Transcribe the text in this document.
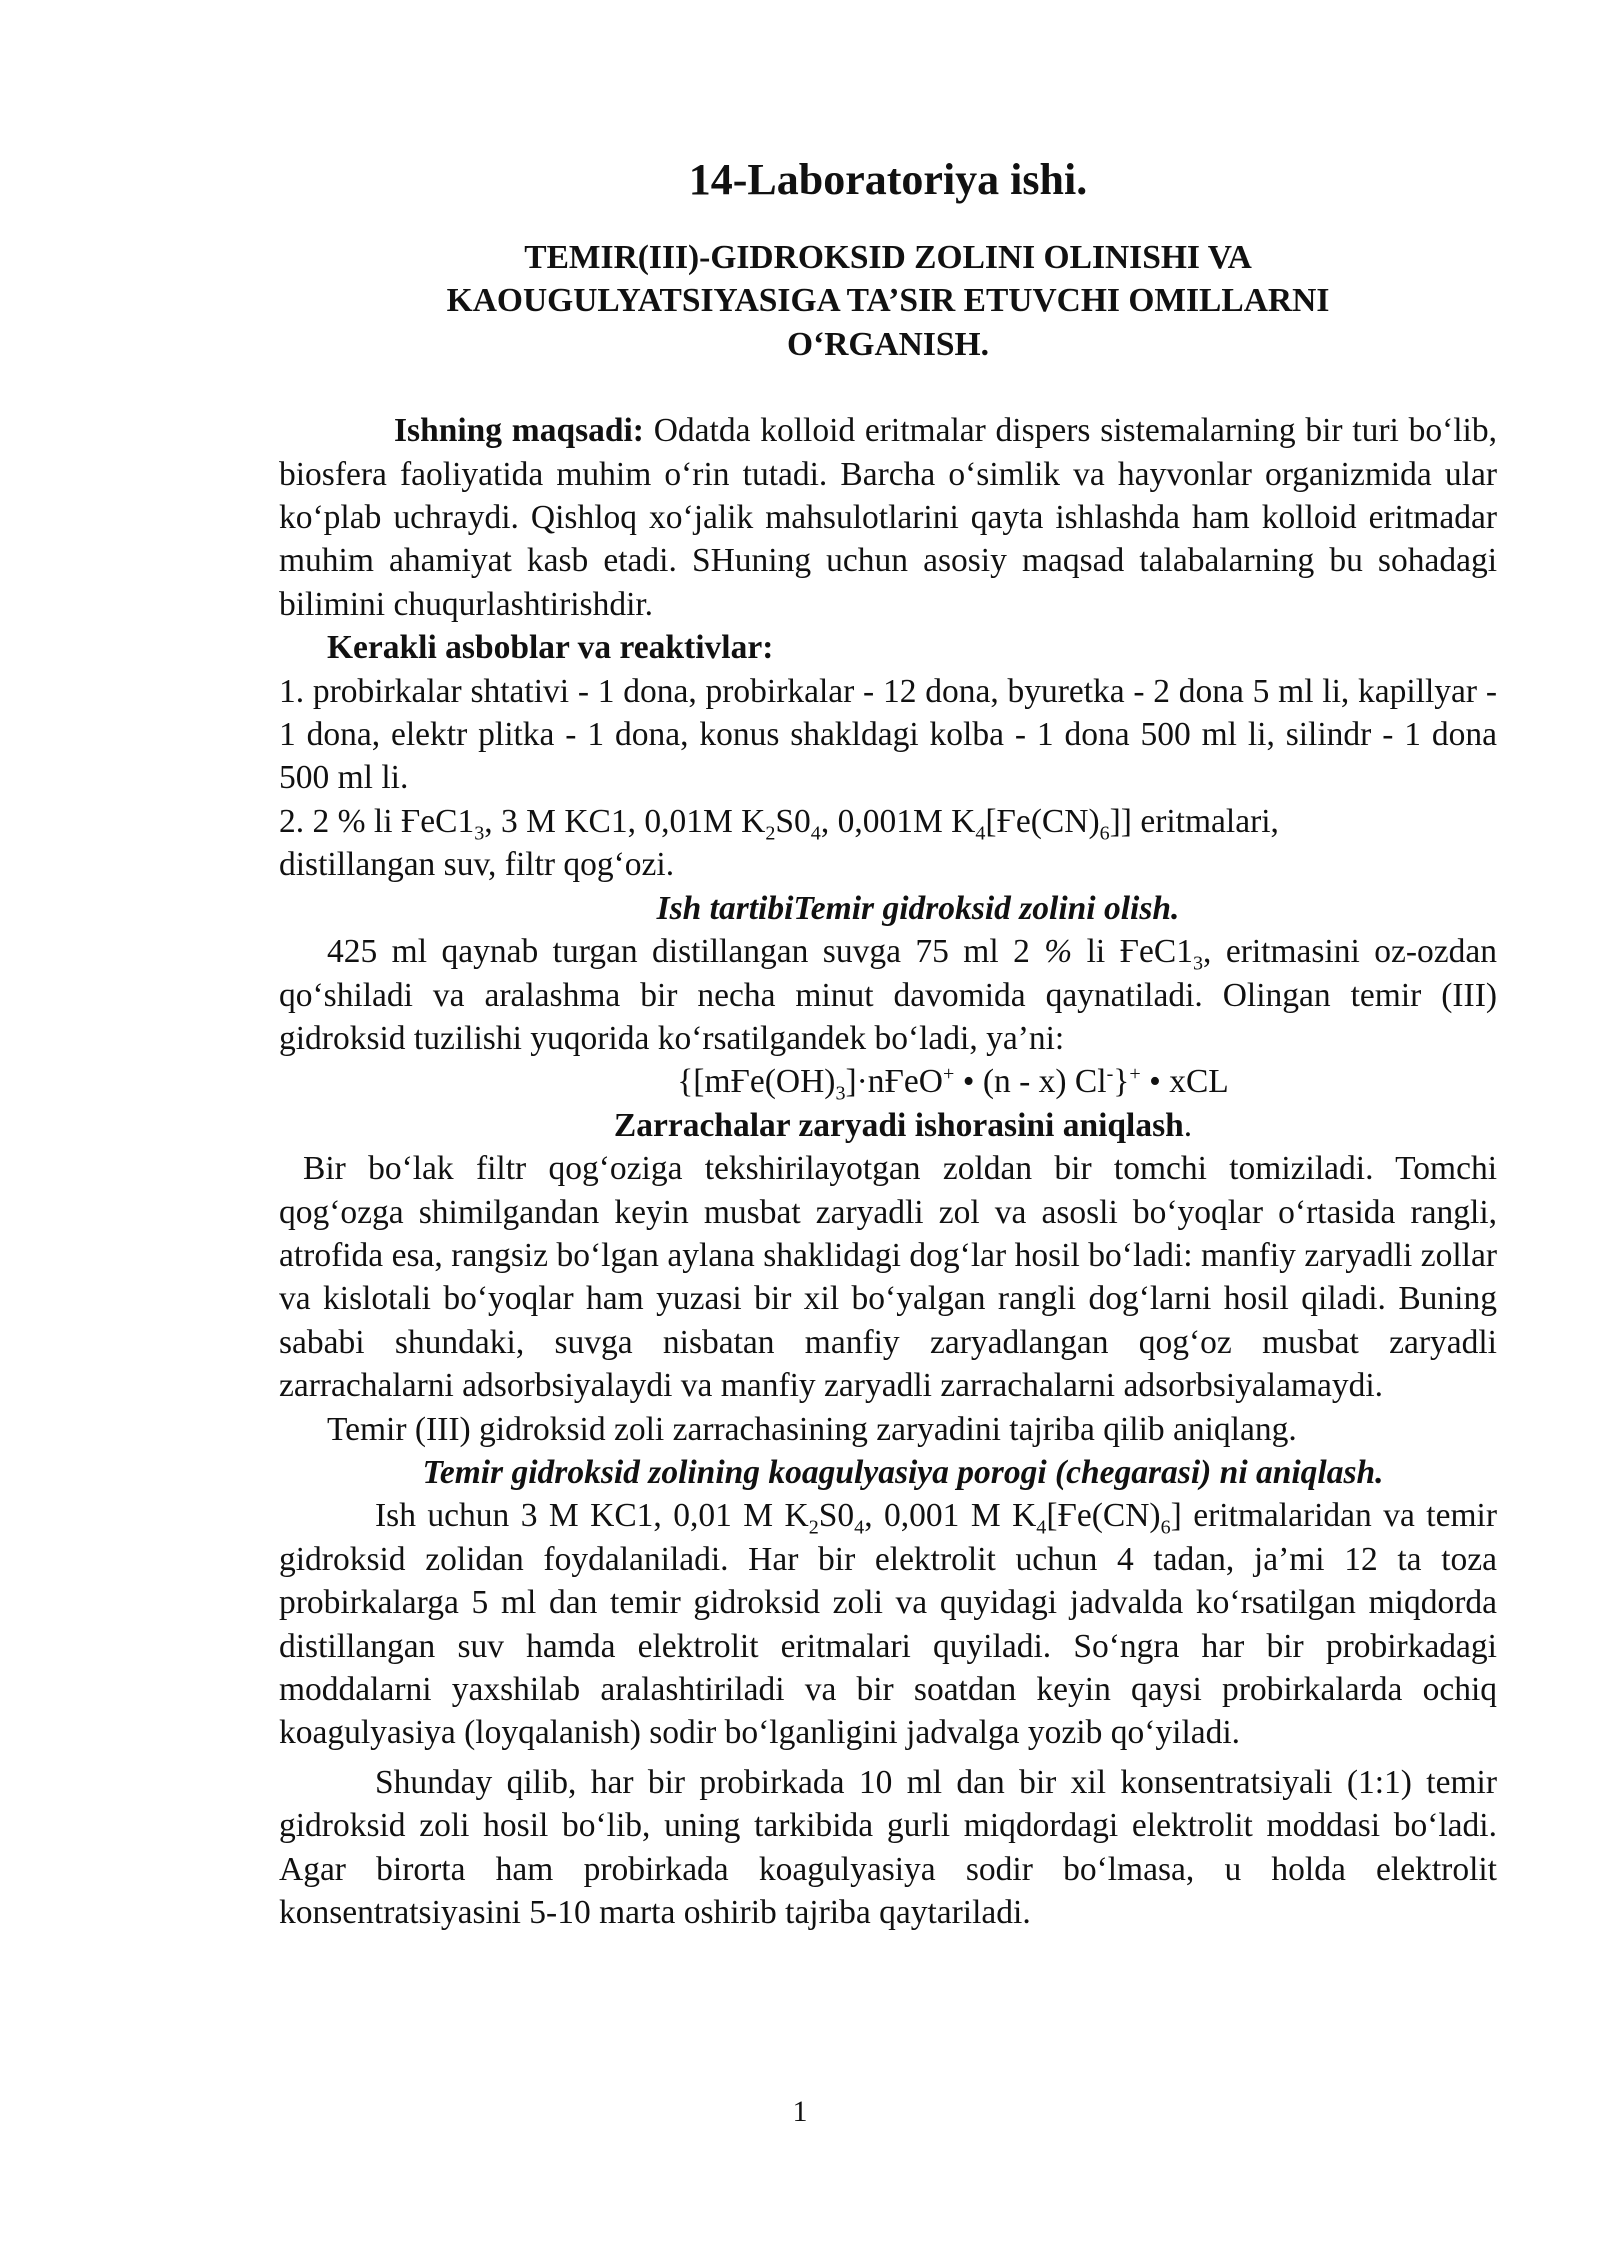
14-Laboratoriya ishi.
TEMIR(III)-GIDROKSID ZOLINI OLINISHI VA
KAOUGULYATSIYASIGA TA’SIR ETUVCHI OMILLARNI
O‘RGANISH.

Ishning maqsadi: Odatda kolloid eritmalar dispers sistemalarning bir turi bo‘lib, biosfera faoliyatida muhim o‘rin tutadi. Barcha o‘simlik va hayvonlar organizmida ular ko‘plab uchraydi. Qishloq xo‘jalik mahsulotlarini qayta ishlashda ham kolloid eritmadar muhim ahamiyat kasb etadi. SHuning uchun asosiy maqsad talabalarning bu sohadagi bilimini chuqurlashtirishdir.

Kerakli asboblar va reaktivlar:

1. probirkalar shtativi - 1 dona, probirkalar - 12 dona, byuretka - 2 dona 5 ml li, kapillyar - 1 dona, elektr plitka - 1 dona, konus shakldagi kolba - 1 dona 500 ml li, silindr - 1 dona 500 ml li.

2. 2 % li $ҒeC1_3$, 3 M KC1, 0,01M $K_2S0_4$, 0,001M $K_4[Ғe(CN)_6]$] eritmalari,
distillangan suv, filtr qog‘ozi.

Ish tartibiTemir gidroksid zolini olish.

425 ml qaynab turgan distillangan suvga 75 ml 2 % li $ҒeC1_3$, eritmasini oz-ozdan qo‘shiladi va aralashma bir necha minut davomida qaynatiladi. Olingan temir (III) gidroksid tuzilishi yuqorida ko‘rsatilgandek bo‘ladi, ya’ni:

{$[mҒe(OH)_3]\cdot nҒeO^+$ • (n - x) Cl-}+ • xCL

Zarrachalar zaryadi ishorasini aniqlash.

Bir bo‘lak filtr qog‘oziga tekshirilayotgan zoldan bir tomchi tomiziladi. Tomchi qog‘ozga shimilgandan keyin musbat zaryadli zol va asosli bo‘yoqlar o‘rtasida rangli, atrofida esa, rangsiz bo‘lgan aylana shaklidagi dog‘lar hosil bo‘ladi: manfiy zaryadli zollar va kislotali bo‘yoqlar ham yuzasi bir xil bo‘yalgan rangli dog‘larni hosil qiladi. Buning sababi shundaki, suvga nisbatan manfiy zaryadlangan qog‘oz musbat zaryadli zarrachalarni adsorbsiyalaydi va manfiy zaryadli zarrachalarni adsorbsiyalamaydi.

Temir (III) gidroksid zoli zarrachasining zaryadini tajriba qilib aniqlang.

Temir gidroksid zolining koagulyasiya porogi (chegarasi) ni aniqlash.

Ish uchun 3 M KC1, 0,01 M $K_2S0_4$, 0,001 M $K_4[Ғe(CN)_6]$ eritmalaridan va temir gidroksid zolidan foydalaniladi. Har bir elektrolit uchun 4 tadan, ja’mi 12 ta toza probirkalarga 5 ml dan temir gidroksid zoli va quyidagi jadvalda ko‘rsatilgan miqdorda distillangan suv hamda elektrolit eritmalari quyiladi. So‘ngra har bir probirkadagi moddalarni yaxshilab aralashtiriladi va bir soatdan keyin qaysi probirkalarda ochiq koagulyasiya (loyqalanish) sodir bo‘lganligini jadvalga yozib qo‘yiladi.

Shunday qilib, har bir probirkada 10 ml dan bir xil konsentratsiyali (1:1) temir gidroksid zoli hosil bo‘lib, uning tarkibida gurli miqdordagi elektrolit moddasi bo‘ladi. Agar birorta ham probirkada koagulyasiya sodir bo‘lmasa, u holda elektrolit konsentratsiyasini 5-10 marta oshirib tajriba qaytariladi.

1
